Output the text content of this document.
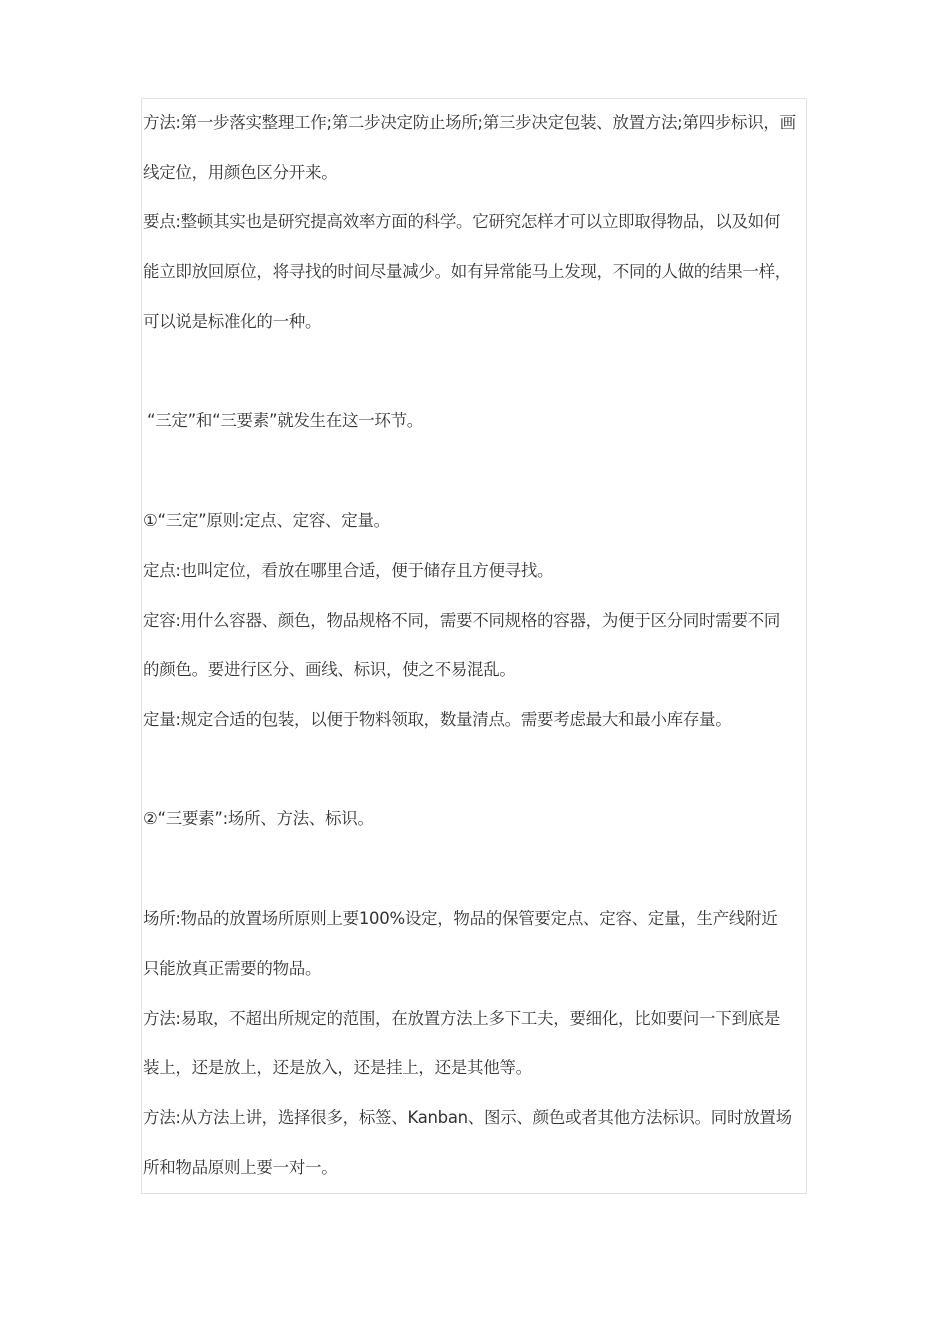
方法:第一步落实整理工作;第二步决定防止场所;第三步决定包装、放置方法;第四步标识，画
线定位，用颜色区分开来。
要点:整顿其实也是研究提高效率方面的科学。它研究怎样才可以立即取得物品，以及如何
能立即放回原位，将寻找的时间尽量减少。如有异常能马上发现，不同的人做的结果一样，
可以说是标准化的一种。
“三定”和“三要素”就发生在这一环节。
①“三定”原则:定点、定容、定量。
定点:也叫定位，看放在哪里合适，便于储存且方便寻找。
定容:用什么容器、颜色，物品规格不同，需要不同规格的容器，为便于区分同时需要不同
的颜色。要进行区分、画线、标识，使之不易混乱。
定量:规定合适的包装，以便于物料领取，数量清点。需要考虑最大和最小库存量。
②“三要素”:场所、方法、标识。
场所:物品的放置场所原则上要100%设定，物品的保管要定点、定容、定量，生产线附近
只能放真正需要的物品。
方法:易取，不超出所规定的范围，在放置方法上多下工夫，要细化，比如要问一下到底是
装上，还是放上，还是放入，还是挂上，还是其他等。
方法:从方法上讲，选择很多，标签、Kanban、图示、颜色或者其他方法标识。同时放置场
所和物品原则上要一对一。
